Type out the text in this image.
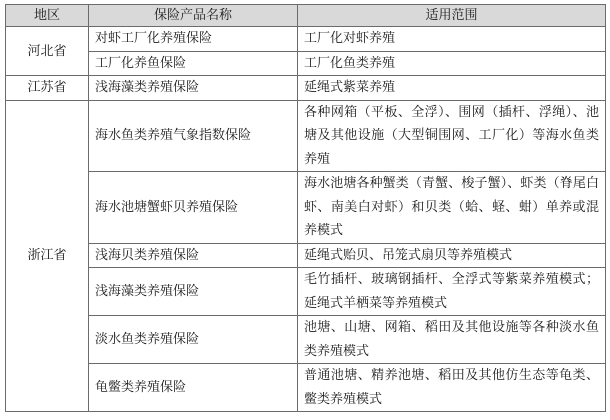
地区	保险产品名称	适用范围
河北省	对虾工厂化养殖保险	工厂化对虾养殖
	工厂化养鱼保险	工厂化鱼类养殖
江苏省	浅海藻类养殖保险	延绳式紫菜养殖
浙江省	海水鱼类养殖气象指数保险	各种网箱（平板、全浮）、围网（插杆、浮绳）、池塘及其他设施（大型铜围网、工厂化）等海水鱼类养殖
	海水池塘蟹虾贝养殖保险	海水池塘各种蟹类（青蟹、梭子蟹）、虾类（脊尾白虾、南美白对虾）和贝类（蛤、蛏、蚶）单养或混养模式
	浅海贝类养殖保险	延绳式贻贝、吊笼式扇贝等养殖模式
	浅海藻类养殖保险	毛竹插杆、玻璃钢插杆、全浮式等紫菜养殖模式；延绳式羊栖菜等养殖模式
	淡水鱼类养殖保险	池塘、山塘、网箱、稻田及其他设施等各种淡水鱼类养殖模式
	龟鳖类养殖保险	普通池塘、精养池塘、稻田及其他仿生态等龟类、鳖类养殖模式
